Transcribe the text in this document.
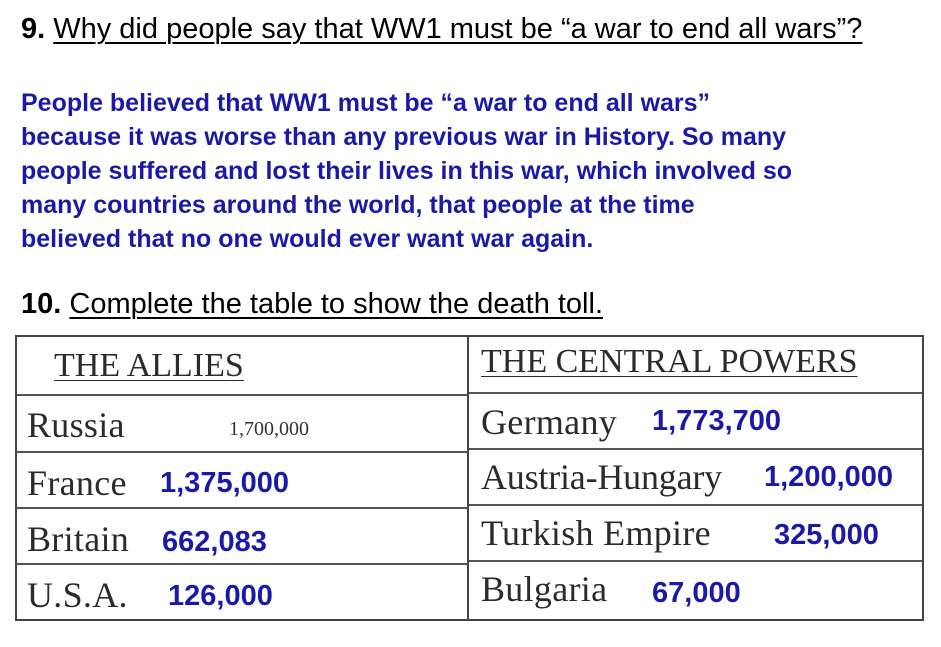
9. Why did people say that WW1 must be “a war to end all wars”?
People believed that WW1 must be “a war to end all wars”
because it was worse than any previous war in History. So many
people suffered and lost their lives in this war, which involved so
many countries around the world, that people at the time
believed that no one would ever want war again.
10. Complete the table to show the death toll.
THE ALLIES
Russia	1,700,000
France 1,375,000
Britain 662,083
U.S.A. 126,000
THE CENTRAL POWERS
Germany 1,773,700
Austria-Hungary 1,200,000
Turkish Empire 325,000
Bulgaria 67,000
